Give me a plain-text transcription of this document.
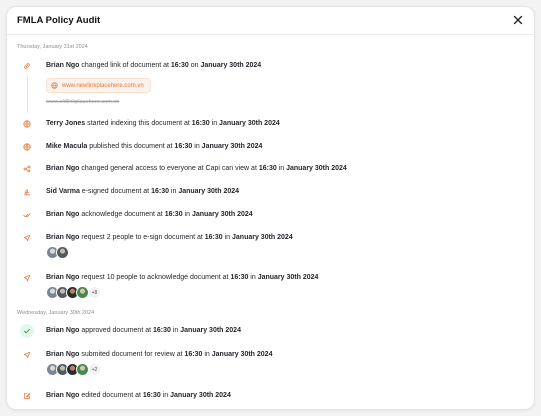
FMLA Policy Audit
Thursday, January 31st 2024
Brian Ngo changed link of document at 16:30 on January 30th 2024
www.newlinkplacehere.com.vn
www.oldlinkplacehere.com.vn
Terry Jones started indexing this document at 16:30 in January 30th 2024
Mike Macula published this document at 16:30 in January 30th 2024
Brian Ngo changed general access to everyone at Capi can view at 16:30 in January 30th 2024
Sid Varma e-signed document at 16:30 in January 30th 2024
Brian Ngo acknowledge document at 16:30 in January 30th 2024
Brian Ngo request 2 people to e-sign document at 16:30 in January 30th 2024
Brian Ngo request 10 people to acknowledge document at 16:30 in January 30th 2024
+8
Wednesday, January 30th 2024
Brian Ngo approved document at 16:30 in January 30th 2024
Brian Ngo submited document for review at 16:30 in January 30th 2024
+2
Brian Ngo edited document at 16:30 in January 30th 2024
